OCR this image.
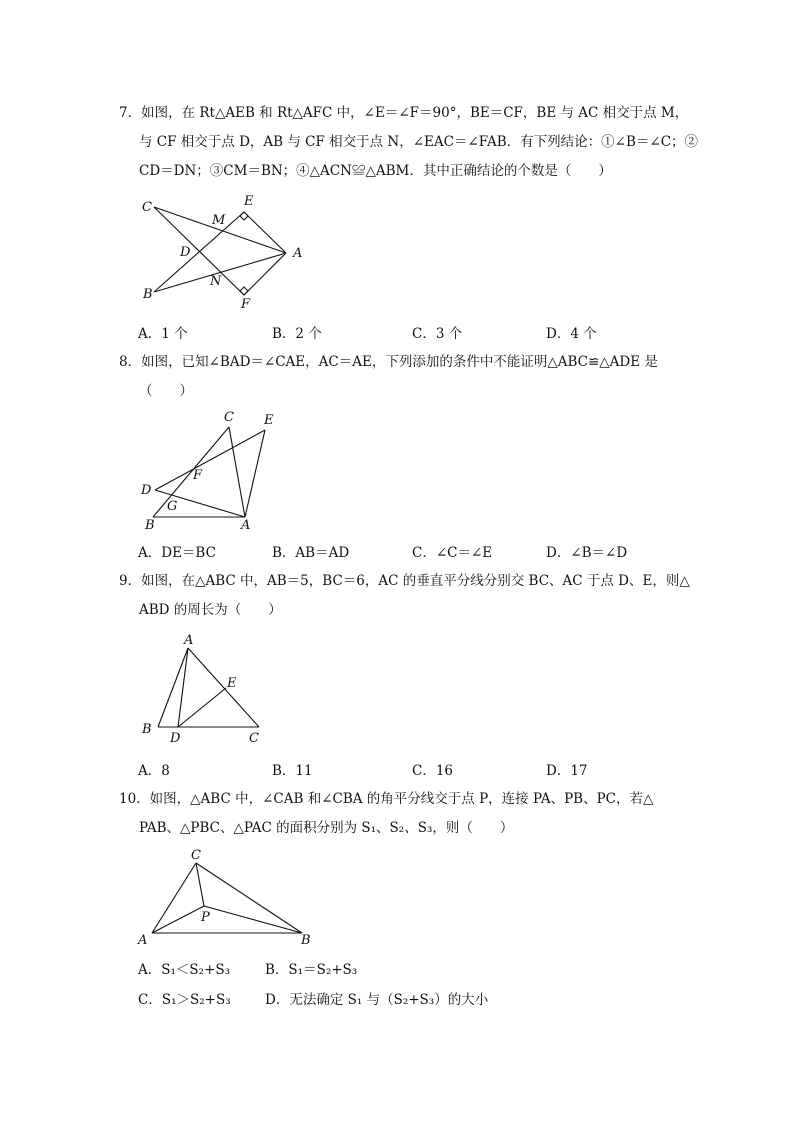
7．如图，在 Rt△AEB 和 Rt△AFC 中，∠E＝∠F＝90°，BE＝CF，BE 与 AC 相交于点 M，
与 CF 相交于点 D，AB 与 CF 相交于点 N，∠EAC＝∠FAB．有下列结论：①∠B＝∠C；②
CD＝DN；③CM＝BN；④△ACN≌△ABM．其中正确结论的个数是（　　）
C	E
M
D	A
N
B
F
A．1 个	B．2 个	C．3 个	D．4 个
8．如图，已知∠BAD＝∠CAE，AC＝AE，下列添加的条件中不能证明△ABC≌△ADE 是
（　　）
C E
F
D
G
B	A
A．DE＝BC	B．AB＝AD	C．∠C＝∠E	D．∠B＝∠D
9．如图，在△ABC 中，AB＝5，BC＝6，AC 的垂直平分线分别交 BC、AC 于点 D、E，则△
ABD 的周长为（　　）
A
E
B
D	C
A．8	B．11	C．16	D．17
10．如图，△ABC 中，∠CAB 和∠CBA 的角平分线交于点 P，连接 PA、PB、PC，若△
PAB、△PBC、△PAC 的面积分别为 S₁、S₂、S₃，则（　　）
C
P
A	B
A．S₁＜S₂+S₃	B．S₁＝S₂+S₃
C．S₁＞S₂+S₃	D．无法确定 S₁ 与（S₂+S₃）的大小
